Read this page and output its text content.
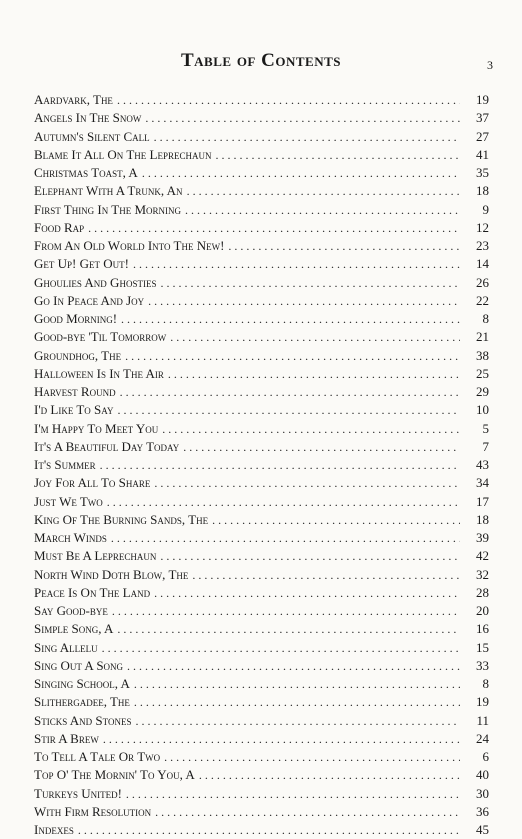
Table of Contents	3
Aardvark, The . . .	19
Angels In The Snow . . .	37
Autumn's Silent Call . . .	27
Blame It All On The Leprechaun . . .	41
Christmas Toast, A . . .	35
Elephant With A Trunk, An . . .	18
First Thing In The Morning . . .	9
Food Rap . . .	12
From An Old World Into The New! . . .	23
Get Up! Get Out! . . .	14
Ghoulies And Ghosties . . .	26
Go In Peace And Joy . . .	22
Good Morning! . . .	8
Good-bye 'Til Tomorrow . . .	21
Groundhog, The . . .	38
Halloween Is In The Air . . .	25
Harvest Round . . .	29
I'd Like To Say . . .	10
I'm Happy To Meet You . . .	5
It's A Beautiful Day Today . . .	7
It's Summer . . .	43
Joy For All To Share . . .	34
Just We Two . . .	17
King Of The Burning Sands, The . . .	18
March Winds . . .	39
Must Be A Leprechaun . . .	42
North Wind Doth Blow, The . . .	32
Peace Is On The Land . . .	28
Say Good-bye . . .	20
Simple Song, A . . .	16
Sing Allelu . . .	15
Sing Out A Song . . .	33
Singing School, A . . .	8
Slithergadee, The . . .	19
Sticks And Stones . . .	11
Stir A Brew . . .	24
To Tell A Tale Or Two . . .	6
Top O' The Mornin' To You, A . . .	40
Turkeys United! . . .	30
With Firm Resolution . . .	36
Indexes . . .	45
